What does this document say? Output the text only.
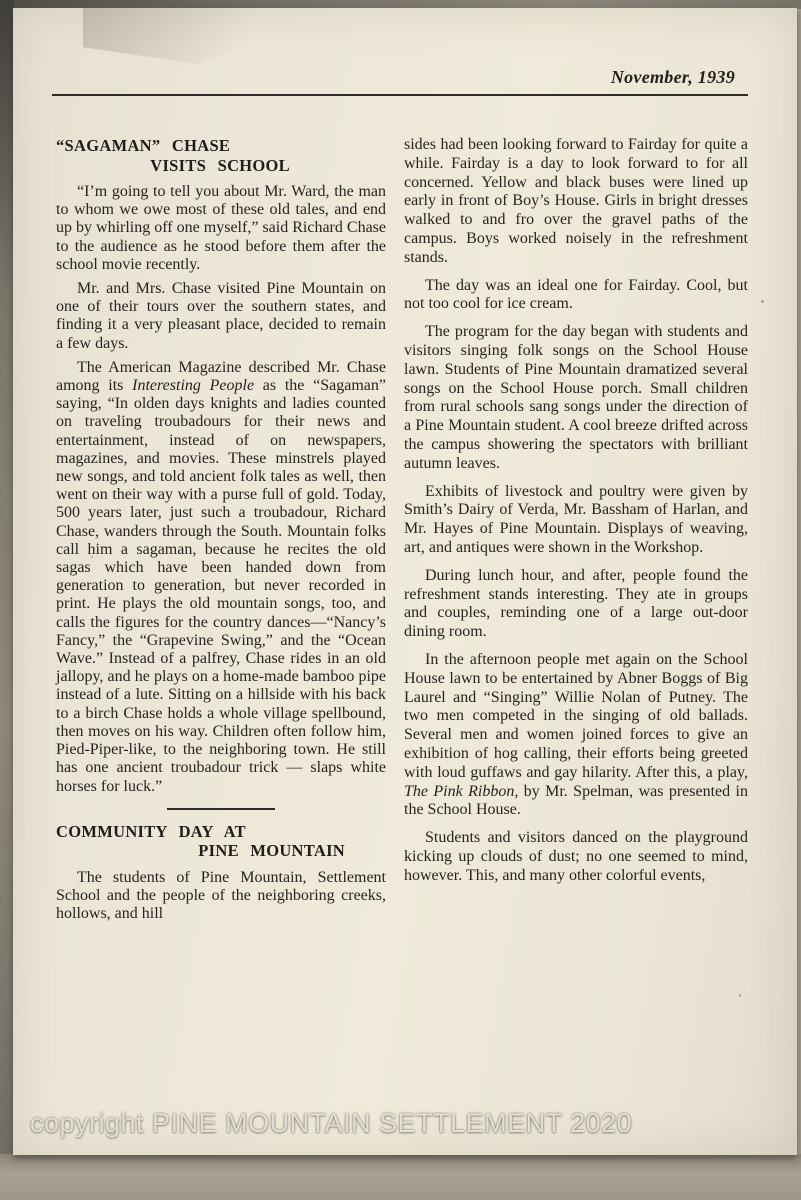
November, 1939
“SAGAMAN” CHASE
VISITS SCHOOL

“I’m going to tell you about Mr. Ward, the man to whom we owe most of these old tales, and end up by whirling off one myself,” said Richard Chase to the audience as he stood before them after the school movie recently.

Mr. and Mrs. Chase visited Pine Mountain on one of their tours over the southern states, and finding it a very pleasant place, decided to remain a few days.

The American Magazine described Mr. Chase among its Interesting People as the “Sagaman” saying, “In olden days knights and ladies counted on traveling troubadours for their news and entertainment, instead of on newspapers, magazines, and movies. These minstrels played new songs, and told ancient folk tales as well, then went on their way with a purse full of gold. Today, 500 years later, just such a troubadour, Richard Chase, wanders through the South. Mountain folks call him a sagaman, because he recites the old sagas which have been handed down from generation to generation, but never recorded in print. He plays the old mountain songs, too, and calls the figures for the country dances—“Nancy’s Fancy,” the “Grapevine Swing,” and the “Ocean Wave.” Instead of a palfrey, Chase rides in an old jallopy, and he plays on a home-made bamboo pipe instead of a lute. Sitting on a hillside with his back to a birch Chase holds a whole village spellbound, then moves on his way. Children often follow him, Pied-Piper-like, to the neighboring town. He still has one ancient troubadour trick — slaps white horses for luck.”

COMMUNITY DAY AT
PINE MOUNTAIN

The students of Pine Mountain, Settlement School and the people of the neighboring creeks, hollows, and hill

sides had been looking forward to Fairday for quite a while. Fairday is a day to look forward to for all concerned. Yellow and black buses were lined up early in front of Boy’s House. Girls in bright dresses walked to and fro over the gravel paths of the campus. Boys worked noisely in the refreshment stands.

The day was an ideal one for Fairday. Cool, but not too cool for ice cream.

The program for the day began with students and visitors singing folk songs on the School House lawn. Students of Pine Mountain dramatized several songs on the School House porch. Small children from rural schools sang songs under the direction of a Pine Mountain student. A cool breeze drifted across the campus showering the spectators with brilliant autumn leaves.

Exhibits of livestock and poultry were given by Smith’s Dairy of Verda, Mr. Bassham of Harlan, and Mr. Hayes of Pine Mountain. Displays of weaving, art, and antiques were shown in the Workshop.

During lunch hour, and after, people found the refreshment stands interesting. They ate in groups and couples, reminding one of a large out-door dining room.

In the afternoon people met again on the School House lawn to be entertained by Abner Boggs of Big Laurel and “Singing” Willie Nolan of Putney. The two men competed in the singing of old ballads. Several men and women joined forces to give an exhibition of hog calling, their efforts being greeted with loud guffaws and gay hilarity. After this, a play, The Pink Ribbon, by Mr. Spelman, was presented in the School House.

Students and visitors danced on the playground kicking up clouds of dust; no one seemed to mind, however. This, and many other colorful events,

copyright PINE MOUNTAIN SETTLEMENT 2020
